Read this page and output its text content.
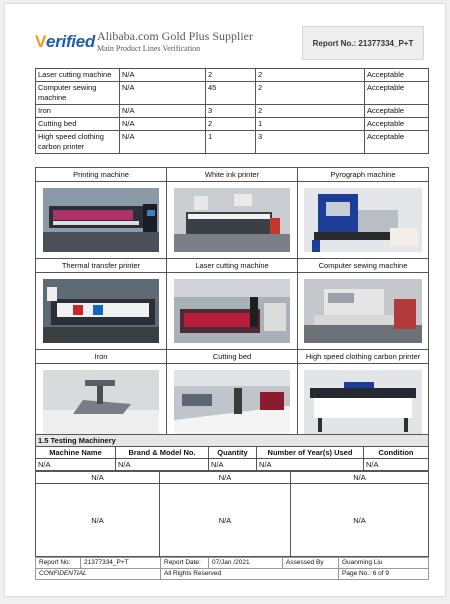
Verified Alibaba.com Gold Plus Supplier
Main Product Lines Verification
Report No.: 21377334_P+T
Laser cutting machine	N/A	2	2	Acceptable
Computer sewing machine	N/A	45	2	Acceptable
Iron	N/A	3	2	Acceptable
Cutting bed	N/A	2	1	Acceptable
High speed clothing carbon printer	N/A	1	3	Acceptable
Printing machine	White ink printer	Pyrograph machine

Thermal transfer printer	Laser cutting machine	Computer sewing machine

Iron	Cutting bed	High speed clothing carbon printer

1.5 Testing Machinery				
Machine Name	Brand & Model No.	Quantity	Number of Year(s) Used	Condition
N/A	N/A	N/A	N/A	N/A
N/A	N/A	N/A
N/A	N/A	N/A
Report No:	21377334_P+T	Report Date:	07/Jan /2021	Assessed By	Guanming Liu
CONFIDENTIAL		All Rights Reserved			Page No.: 6 of 9
